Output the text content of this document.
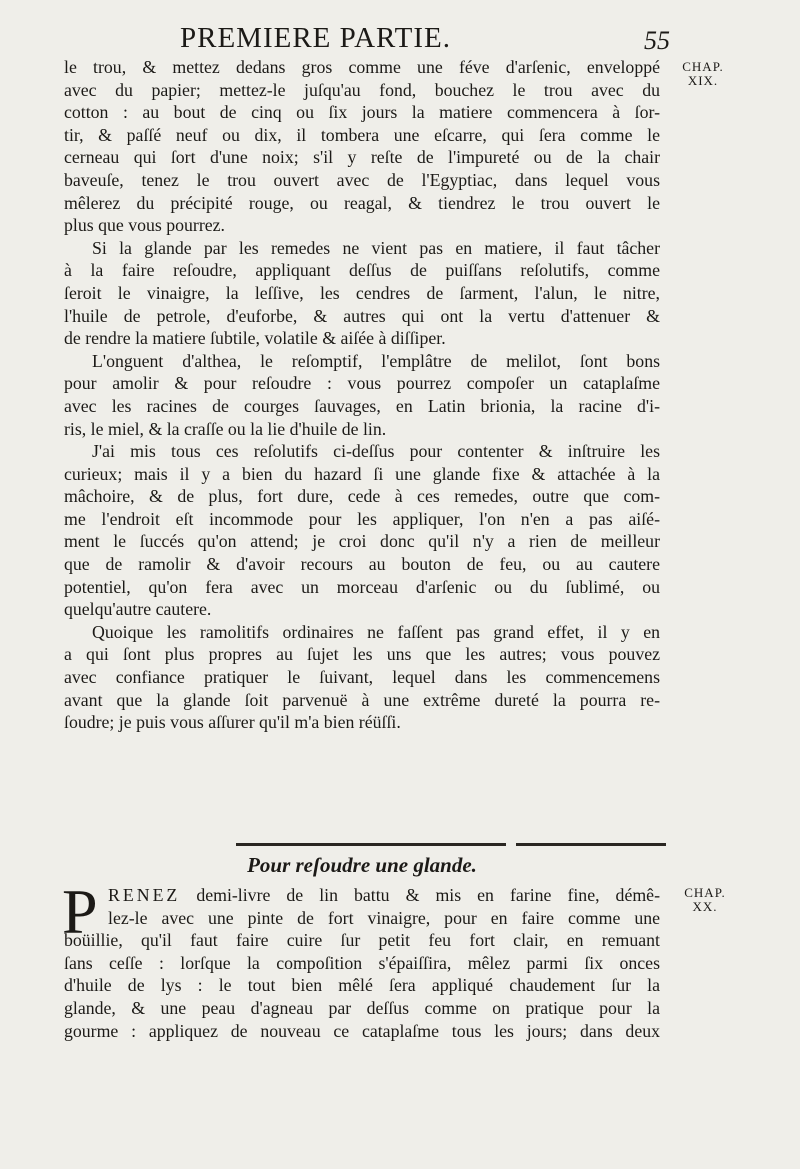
PREMIERE PARTIE.	55
CHAP.
XIX.
le trou, & mettez dedans gros comme une féve d'arſenic, enveloppé
avec du papier; mettez-le juſqu'au fond, bouchez le trou avec du
cotton : au bout de cinq ou ſix jours la matiere commencera à ſor-
tir, & paſſé neuf ou dix, il tombera une eſcarre, qui ſera comme le
cerneau qui ſort d'une noix; s'il y reſte de l'impureté ou de la chair
baveuſe, tenez le trou ouvert avec de l'Egyptiac, dans lequel vous
mêlerez du précipité rouge, ou reagal, & tiendrez le trou ouvert le
plus que vous pourrez.
Si la glande par les remedes ne vient pas en matiere, il faut tâcher
à la faire reſoudre, appliquant deſſus de puiſſans reſolutifs, comme
ſeroit le vinaigre, la leſſive, les cendres de ſarment, l'alun, le nitre,
l'huile de petrole, d'euforbe, & autres qui ont la vertu d'attenuer &
de rendre la matiere ſubtile, volatile & aiſée à diſſiper.
L'onguent d'althea, le reſomptif, l'emplâtre de melilot, ſont bons
pour amolir & pour reſoudre : vous pourrez compoſer un cataplaſme
avec les racines de courges ſauvages, en Latin brionia, la racine d'i-
ris, le miel, & la craſſe ou la lie d'huile de lin.
J'ai mis tous ces reſolutifs ci-deſſus pour contenter & inſtruire les
curieux; mais il y a bien du hazard ſi une glande fixe & attachée à la
mâchoire, & de plus, fort dure, cede à ces remedes, outre que com-
me l'endroit eſt incommode pour les appliquer, l'on n'en a pas aiſé-
ment le ſuccés qu'on attend; je croi donc qu'il n'y a rien de meilleur
que de ramolir & d'avoir recours au bouton de feu, ou au cautere
potentiel, qu'on fera avec un morceau d'arſenic ou du ſublimé, ou
quelqu'autre cautere.
Quoique les ramolitifs ordinaires ne faſſent pas grand effet, il y en
a qui ſont plus propres au ſujet les uns que les autres; vous pouvez
avec confiance pratiquer le ſuivant, lequel dans les commencemens
avant que la glande ſoit parvenuë à une extrême dureté la pourra re-
ſoudre; je puis vous aſſurer qu'il m'a bien réüſſi.
Pour reſoudre une glande.
CHAP.
XX.
P RENEZ demi-livre de lin battu & mis en farine fine, démê-
lez-le avec une pinte de fort vinaigre, pour en faire comme une
boüillie, qu'il faut faire cuire ſur petit feu fort clair, en remuant
ſans ceſſe : lorſque la compoſition s'épaiſſira, mêlez parmi ſix onces
d'huile de lys : le tout bien mêlé ſera appliqué chaudement ſur la
glande, & une peau d'agneau par deſſus comme on pratique pour la
gourme : appliquez de nouveau ce cataplaſme tous les jours; dans deux
